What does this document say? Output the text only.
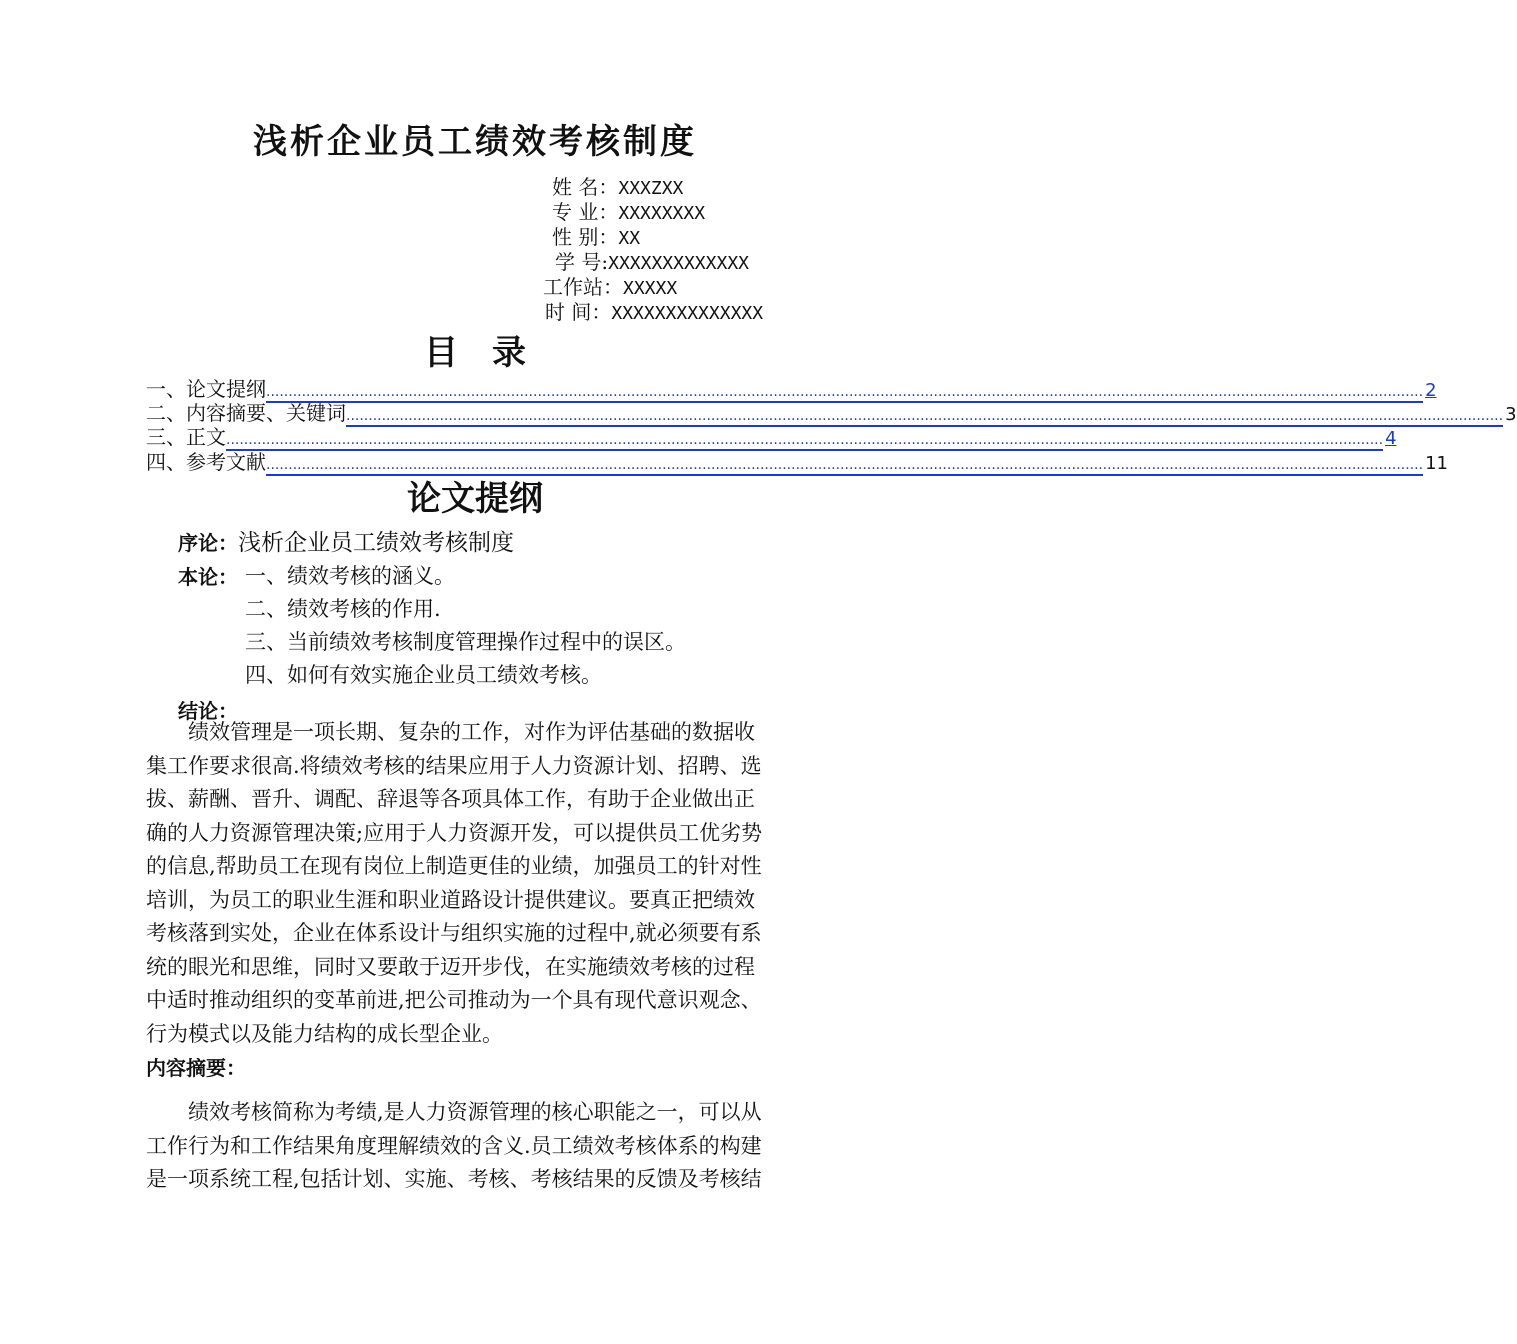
浅析企业员工绩效考核制度
姓 名：XXXZXX
专 业：XXXXXXXX
性 别：XX
学 号:XXXXXXXXXXXXX
工作站：XXXXX
时 间：XXXXXXXXXXXXXX
目录
一、论文提纲 .................................................................................................................................................................................................................................................................... 2
二、内容摘要、关键词 .................................................................................................................................................................................................................................................................... 3
三、正文 .................................................................................................................................................................................................................................................................... 4
四、参考文献 .................................................................................................................................................................................................................................................................... 11
论文提纲
序论：浅析企业员工绩效考核制度
本论： 一、绩效考核的涵义。
二、绩效考核的作用.
三、当前绩效考核制度管理操作过程中的误区。
四、如何有效实施企业员工绩效考核。
结论：
绩效管理是一项长期、复杂的工作，对作为评估基础的数据收
集工作要求很高.将绩效考核的结果应用于人力资源计划、招聘、选
拔、薪酬、晋升、调配、辞退等各项具体工作，有助于企业做出正
确的人力资源管理决策;应用于人力资源开发，可以提供员工优劣势
的信息,帮助员工在现有岗位上制造更佳的业绩，加强员工的针对性
培训，为员工的职业生涯和职业道路设计提供建议。要真正把绩效
考核落到实处，企业在体系设计与组织实施的过程中,就必须要有系
统的眼光和思维，同时又要敢于迈开步伐，在实施绩效考核的过程
中适时推动组织的变革前进,把公司推动为一个具有现代意识观念、
行为模式以及能力结构的成长型企业。
内容摘要：
绩效考核简称为考绩,是人力资源管理的核心职能之一，可以从
工作行为和工作结果角度理解绩效的含义.员工绩效考核体系的构建
是一项系统工程,包括计划、实施、考核、考核结果的反馈及考核结
